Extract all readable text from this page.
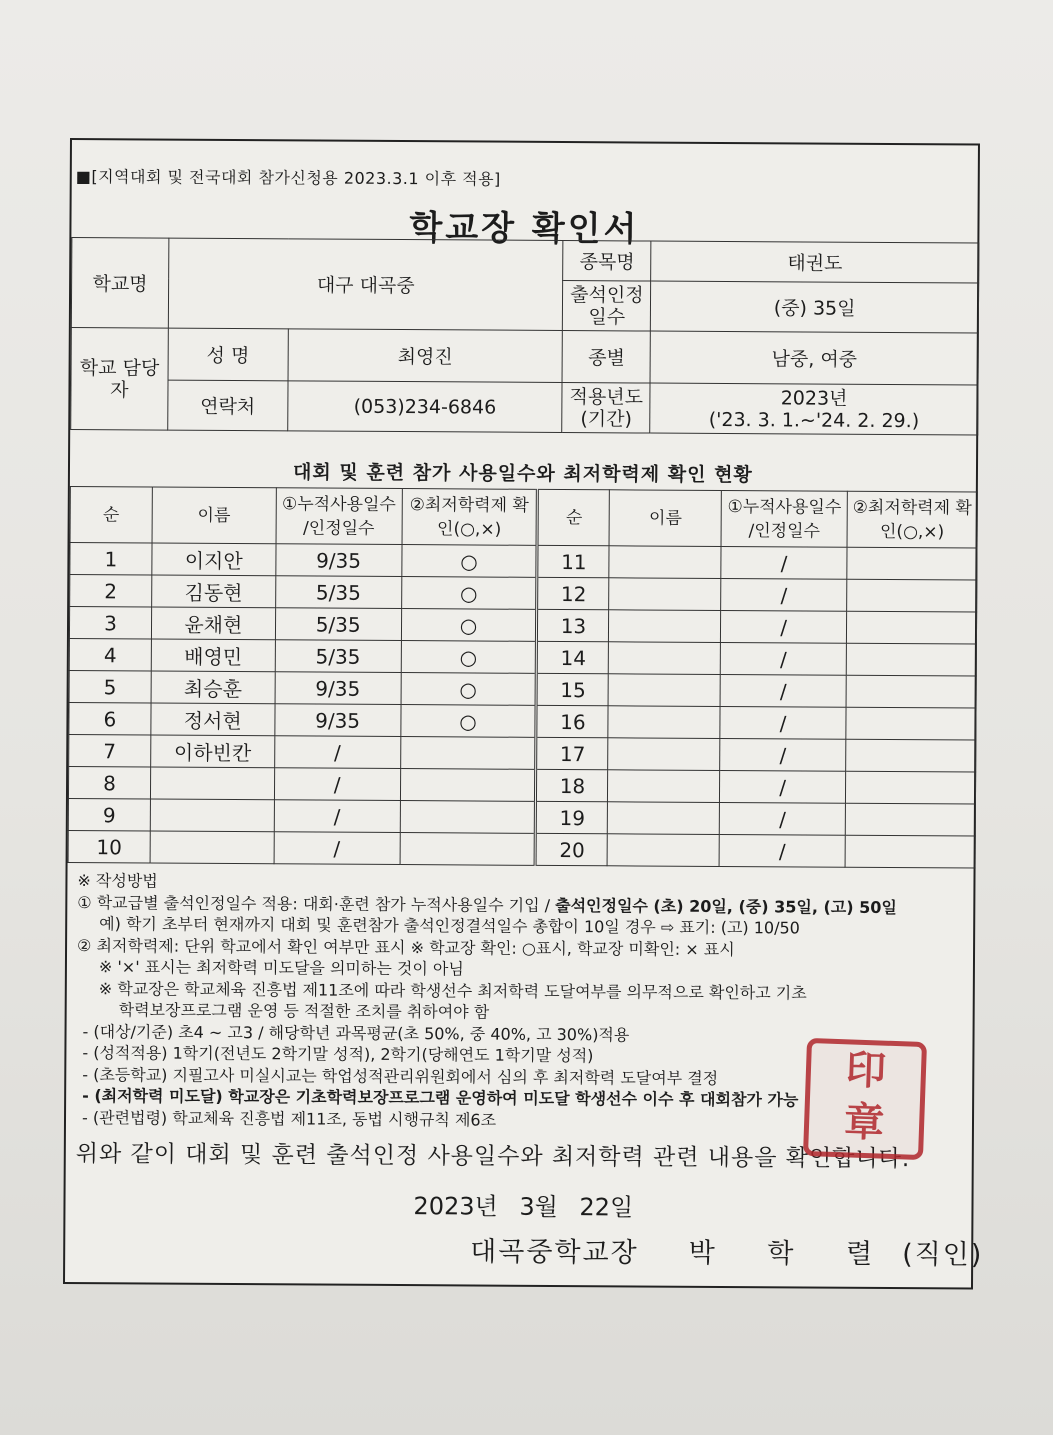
■[지역대회 및 전국대회 참가신청용 2023.3.1 이후 적용]
학교장 확인서
학교명	대구 대곡중		종목명	태권도
			출석인정 일수	(중) 35일
학교 담당자	성 명	최영진	종별	남중, 여중
	연락처	(053)234-6846	적용년도 (기간)	2023년
('23. 3. 1.~'24. 2. 29.)
대회 및 훈련 참가 사용일수와 최저학력제 확인 현황
순	이름	①누적사용일수 /인정일수	②최저학력제 확인(○,×)	순	이름	①누적사용일수 /인정일수	②최저학력제 확인(○,×)
1	이지안	9/35	○	11		/	
2	김동현	5/35	○	12		/	
3	윤채현	5/35	○	13		/	
4	배영민	5/35	○	14		/	
5	최승훈	9/35	○	15		/	
6	정서현	9/35	○	16		/	
7	이하빈칸	/		17		/	
8		/		18		/	
9		/		19		/	
10		/		20		/	
※ 작성방법
① 학교급별 출석인정일수 적용: 대회·훈련 참가 누적사용일수 기입 / 출석인정일수 (초) 20일, (중) 35일, (고) 50일
예) 학기 초부터 현재까지 대회 및 훈련참가 출석인정결석일수 총합이 10일 경우 ⇨ 표기: (고) 10/50
② 최저학력제: 단위 학교에서 확인 여부만 표시 ※ 학교장 확인: ○표시, 학교장 미확인: × 표시
※ '×' 표시는 최저학력 미도달을 의미하는 것이 아님
※ 학교장은 학교체육 진흥법 제11조에 따라 학생선수 최저학력 도달여부를 의무적으로 확인하고 기초
학력보장프로그램 운영 등 적절한 조치를 취하여야 함
- (대상/기준) 초4 ~ 고3 / 해당학년 과목평균(초 50%, 중 40%, 고 30%)적용
- (성적적용) 1학기(전년도 2학기말 성적), 2학기(당해연도 1학기말 성적)
- (초등학교) 지필고사 미실시교는 학업성적관리위원회에서 심의 후 최저학력 도달여부 결정
- (최저학력 미도달) 학교장은 기초학력보장프로그램 운영하여 미도달 학생선수 이수 후 대회참가 가능
- (관련법령) 학교체육 진흥법 제11조, 동법 시행규칙 제6조
위와 같이 대회 및 훈련 출석인정 사용일수와 최저학력 관련 내용을 확인합니다.
2023년 3월 22일
대곡중학교장 박 학 렬 (직인)
印
章
